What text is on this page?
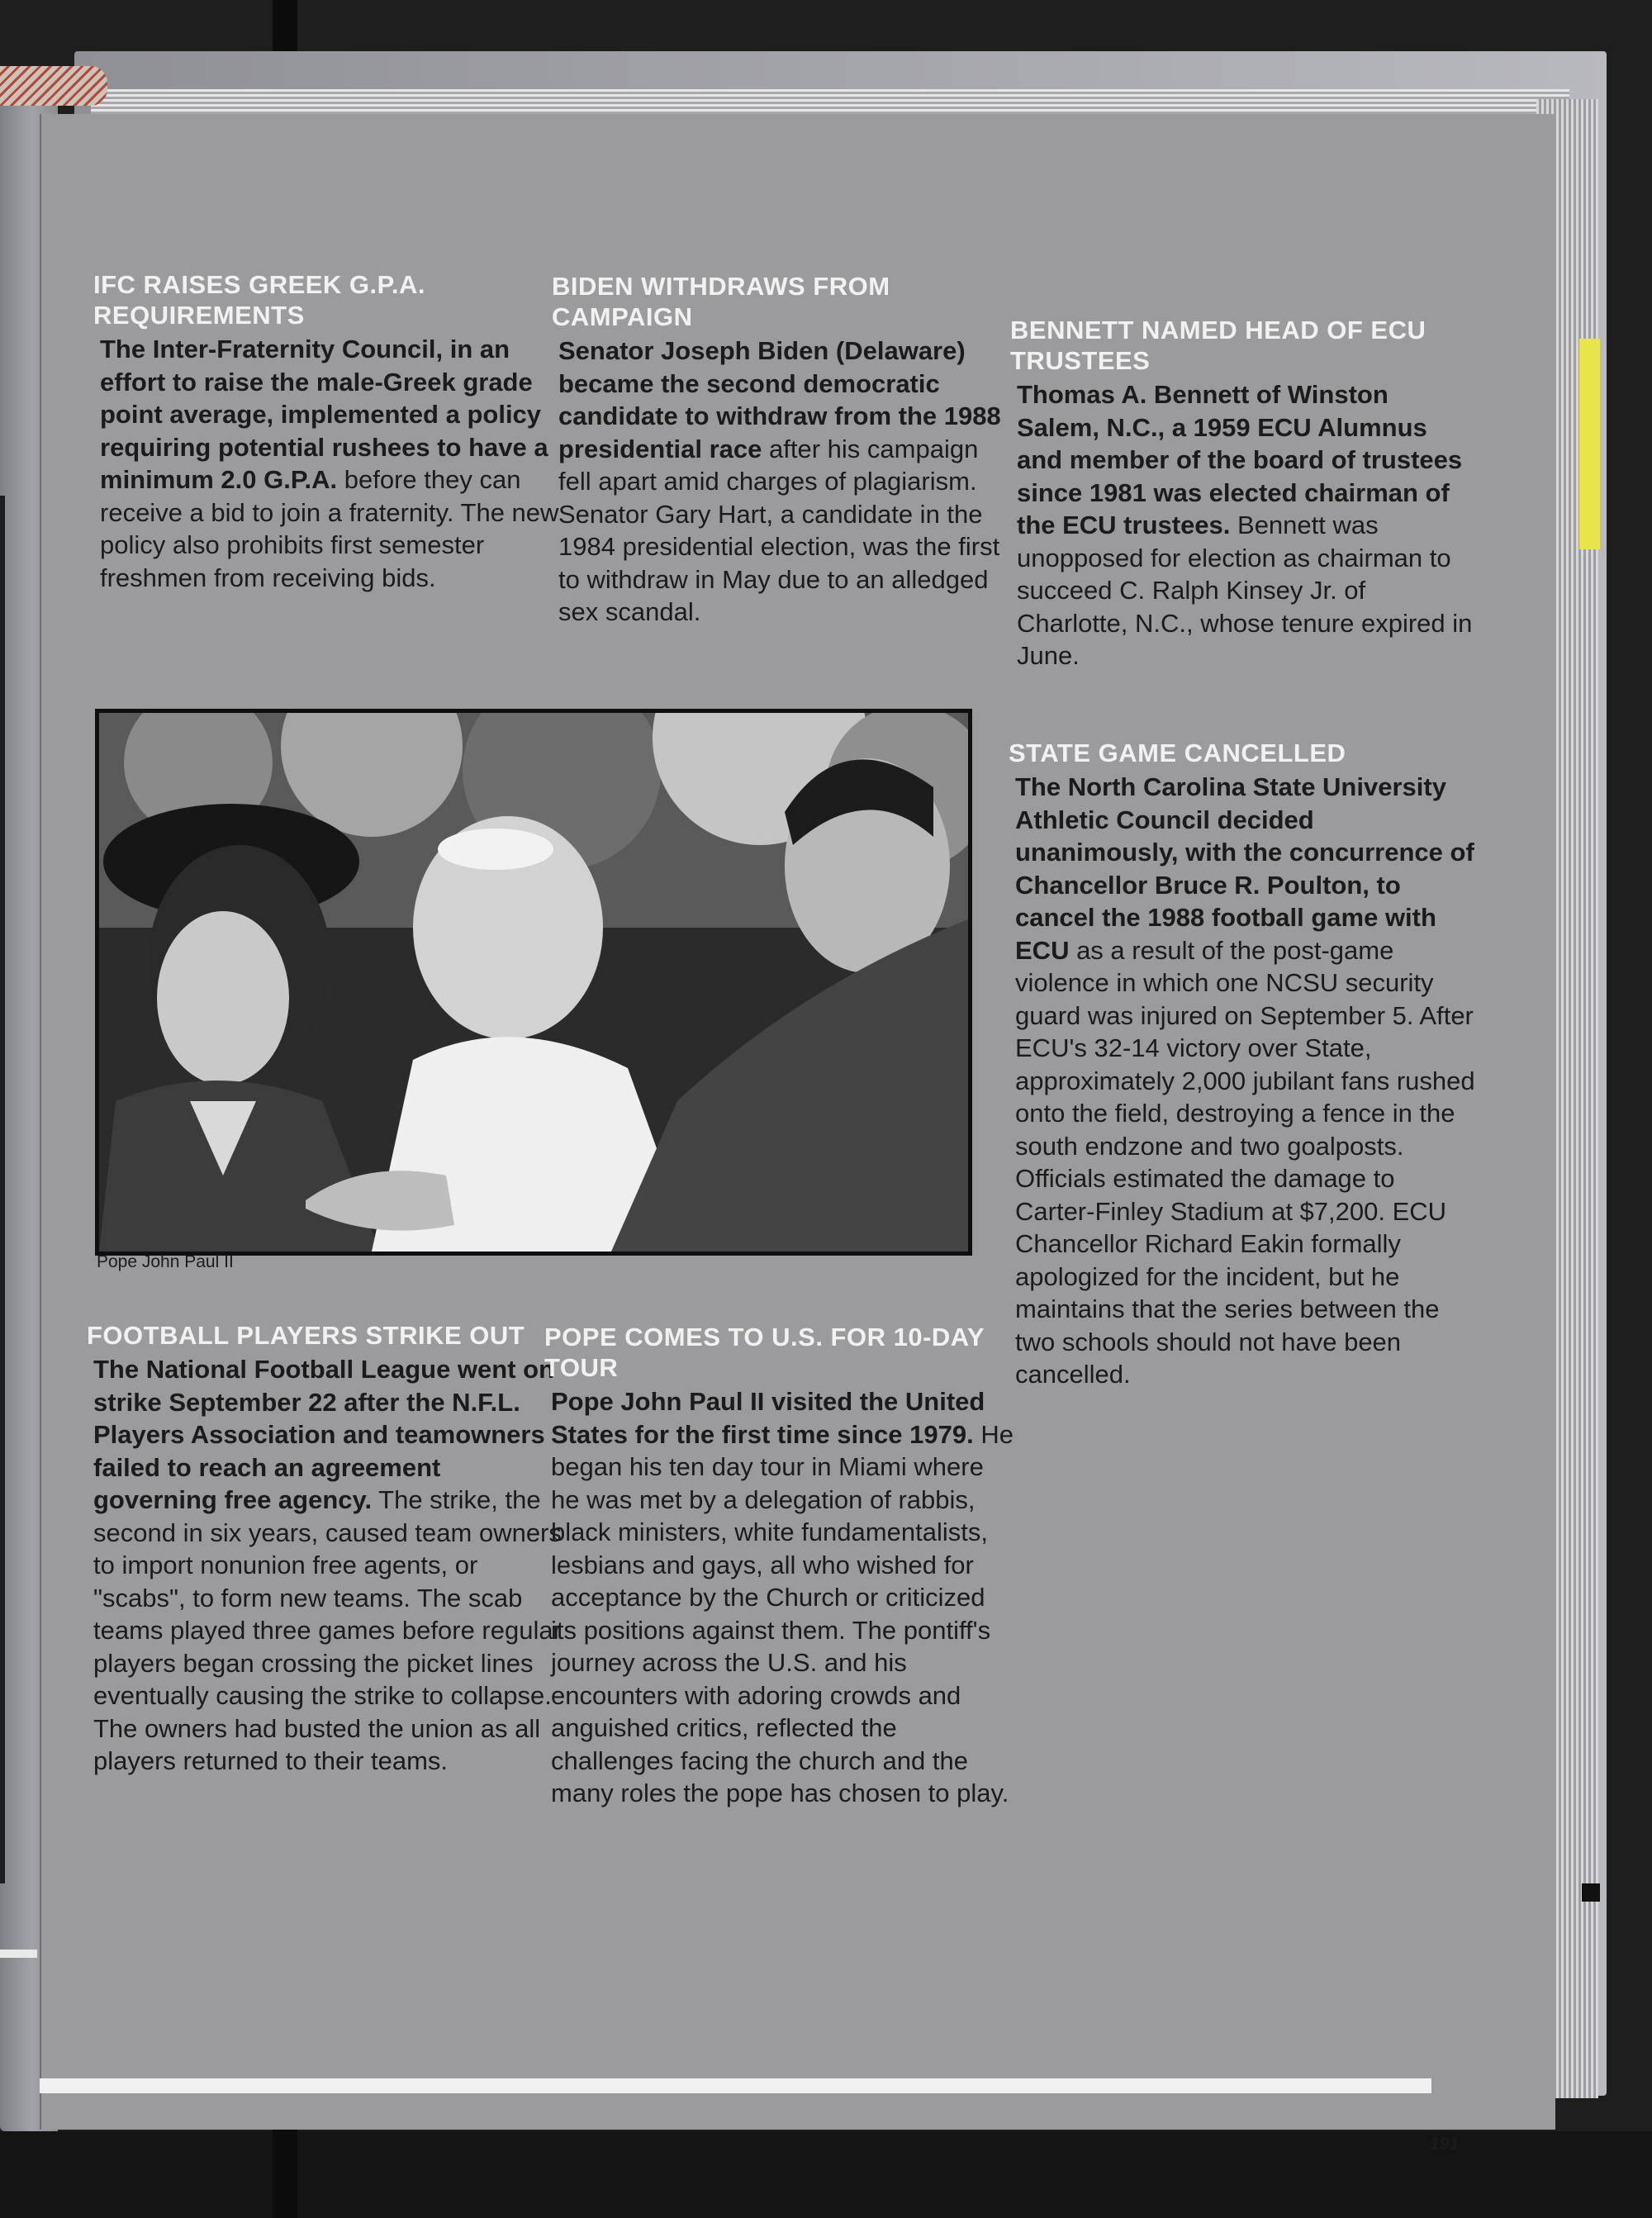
IFC RAISES GREEK G.P.A. REQUIREMENTS

The Inter-Fraternity Council, in an effort to raise the male-Greek grade point average, implemented a policy requiring potential rushees to have a minimum 2.0 G.P.A. before they can receive a bid to join a fraternity. The new policy also prohibits first semester freshmen from receiving bids.

BIDEN WITHDRAWS FROM CAMPAIGN

Senator Joseph Biden (Delaware) became the second democratic candidate to withdraw from the 1988 presidential race after his campaign fell apart amid charges of plagiarism. Senator Gary Hart, a candidate in the 1984 presidential election, was the first to withdraw in May due to an alledged sex scandal.

BENNETT NAMED HEAD OF ECU TRUSTEES

Thomas A. Bennett of Winston Salem, N.C., a 1959 ECU Alumnus and member of the board of trustees since 1981 was elected chairman of the ECU trustees. Bennett was unopposed for election as chairman to succeed C. Ralph Kinsey Jr. of Charlotte, N.C., whose tenure expired in June.

STATE GAME CANCELLED

The North Carolina State University Athletic Council decided unanimously, with the concurrence of Chancellor Bruce R. Poulton, to cancel the 1988 football game with ECU as a result of the post-game violence in which one NCSU security guard was injured on September 5. After ECU's 32-14 victory over State, approximately 2,000 jubilant fans rushed onto the field, destroying a fence in the south endzone and two goalposts. Officials estimated the damage to Carter-Finley Stadium at $7,200. ECU Chancellor Richard Eakin formally apologized for the incident, but he maintains that the series between the two schools should not have been cancelled.

Pope John Paul II
FOOTBALL PLAYERS STRIKE OUT

The National Football League went on strike September 22 after the N.F.L. Players Association and teamowners failed to reach an agreement governing free agency. The strike, the second in six years, caused team owners to import nonunion free agents, or "scabs", to form new teams. The scab teams played three games before regular players began crossing the picket lines eventually causing the strike to collapse. The owners had busted the union as all players returned to their teams.

POPE COMES TO U.S. FOR 10-DAY TOUR

Pope John Paul II visited the United States for the first time since 1979. He began his ten day tour in Miami where he was met by a delegation of rabbis, black ministers, white fundamentalists, lesbians and gays, all who wished for acceptance by the Church or criticized its positions against them. The pontiff's journey across the U.S. and his encounters with adoring crowds and anguished critics, reflected the challenges facing the church and the many roles the pope has chosen to play.

191
